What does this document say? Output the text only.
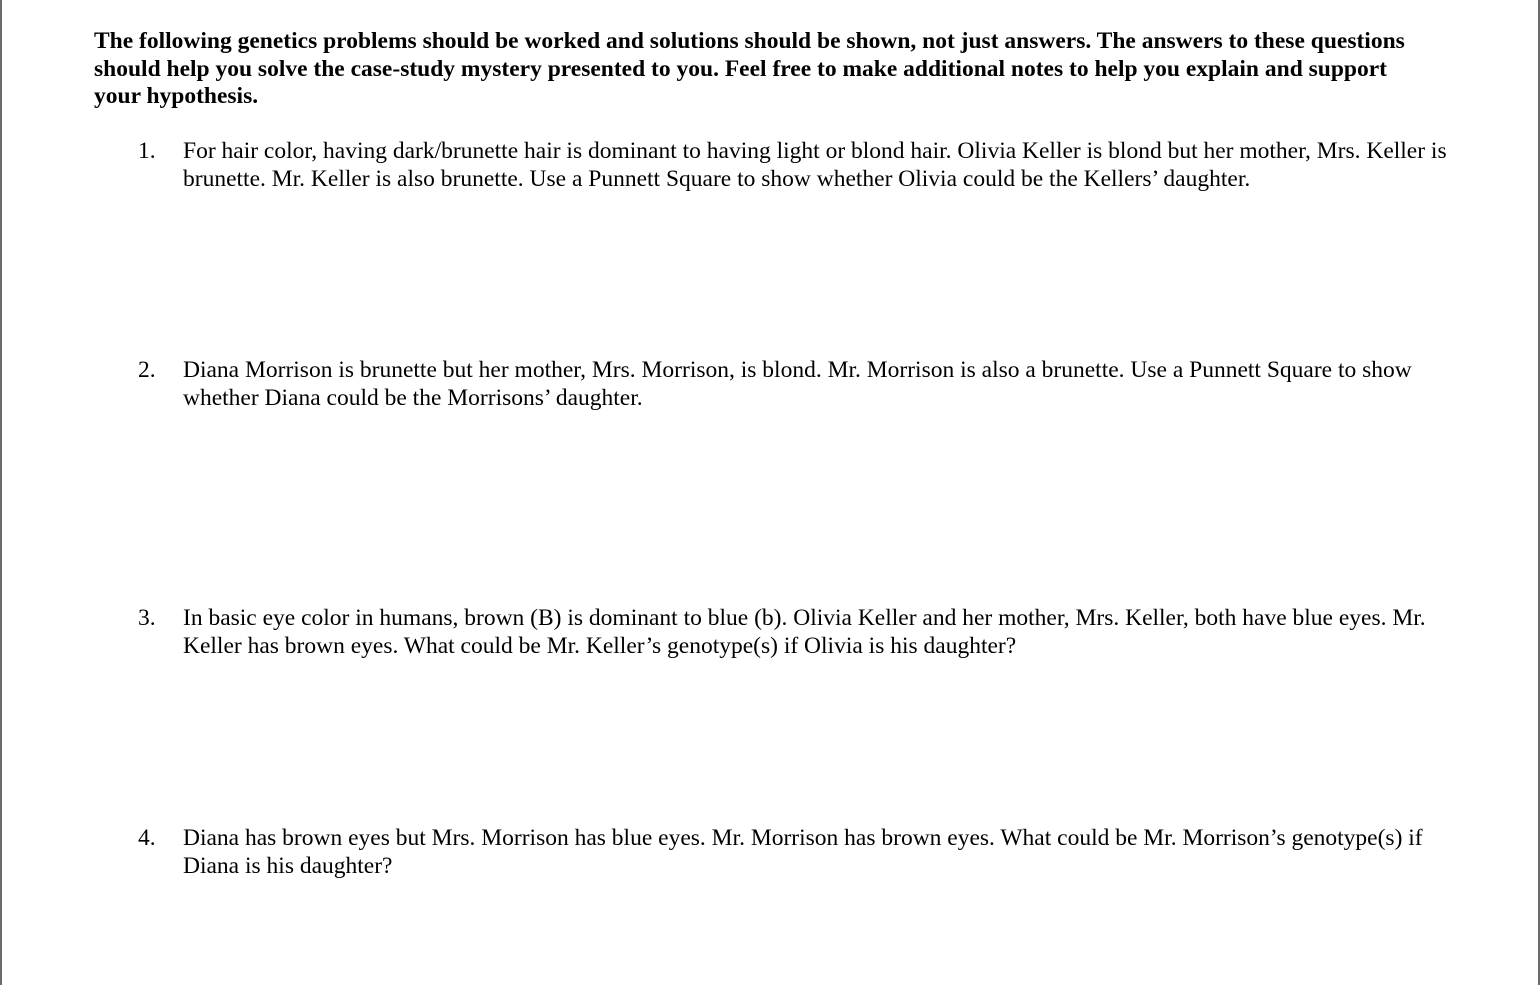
The following genetics problems should be worked and solutions should be shown, not just answers. The answers to these questions should help you solve the case-study mystery presented to you. Feel free to make additional notes to help you explain and support your hypothesis.

1.	For hair color, having dark/brunette hair is dominant to having light or blond hair. Olivia Keller is blond but her mother, Mrs. Keller is brunette. Mr. Keller is also brunette. Use a Punnett Square to show whether Olivia could be the Kellers’ daughter.
2.	Diana Morrison is brunette but her mother, Mrs. Morrison, is blond. Mr. Morrison is also a brunette. Use a Punnett Square to show whether Diana could be the Morrisons’ daughter.
3.	In basic eye color in humans, brown (B) is dominant to blue (b). Olivia Keller and her mother, Mrs. Keller, both have blue eyes. Mr. Keller has brown eyes. What could be Mr. Keller’s genotype(s) if Olivia is his daughter?
4.	Diana has brown eyes but Mrs. Morrison has blue eyes. Mr. Morrison has brown eyes. What could be Mr. Morrison’s genotype(s) if Diana is his daughter?
